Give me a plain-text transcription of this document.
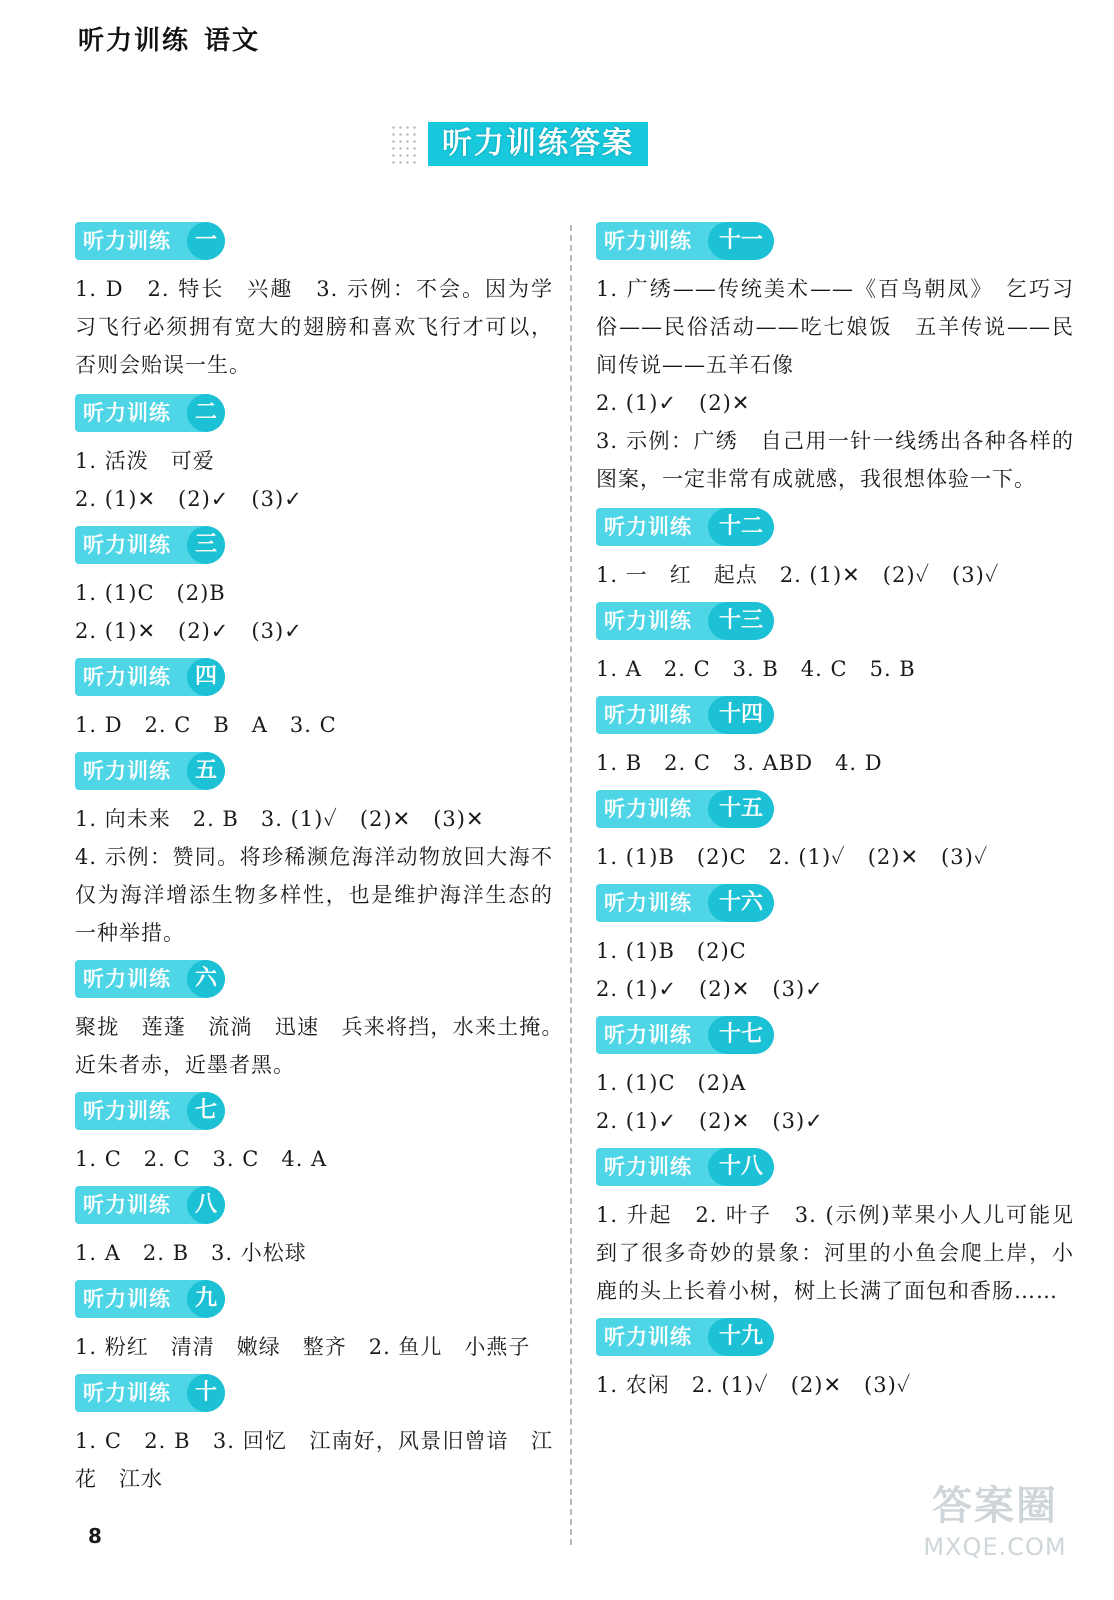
听力训练 语文
听力训练答案
听力训练	一

1. D　2. 特长　兴趣　3. 示例：不会。因为学习飞行必须拥有宽大的翅膀和喜欢飞行才可以，否则会贻误一生。

听力训练	二

1. 活泼　可爱

2. (1)✕　(2)✓　(3)✓

听力训练	三

1. (1)C　(2)B

2. (1)✕　(2)✓　(3)✓

听力训练	四

1. D　2. C　B　A　3. C

听力训练	五

1. 向未来　2. B　3. (1)✓　(2)✕　(3)✕

4. 示例：赞同。将珍稀濒危海洋动物放回大海不仅为海洋增添生物多样性，也是维护海洋生态的一种举措。

听力训练	六

聚拢　莲蓬　流淌　迅速　兵来将挡，水来土掩。　近朱者赤，近墨者黑。

听力训练	七

1. C　2. C　3. C　4. A

听力训练	八

1. A　2. B　3. 小松球

听力训练	九

1. 粉红　清清　嫩绿　整齐　2. 鱼儿　小燕子

听力训练	十

1. C　2. B　3. 回忆　江南好，风景旧曾谙　江花　江水

听力训练	十一

1. 广绣——传统美术——《百鸟朝凤》　乞巧习俗——民俗活动——吃七娘饭　五羊传说——民间传说——五羊石像

2. (1)✓　(2)✕

3. 示例：广绣　自己用一针一线绣出各种各样的图案，一定非常有成就感，我很想体验一下。

听力训练	十二

1. 一　红　起点　2. (1)✕　(2)✓　(3)✓

听力训练	十三

1. A　2. C　3. B　4. C　5. B

听力训练	十四

1. B　2. C　3. ABD　4. D

听力训练	十五

1. (1)B　(2)C　2. (1)✓　(2)✕　(3)✓

听力训练	十六

1. (1)B　(2)C

2. (1)✓　(2)✕　(3)✓

听力训练	十七

1. (1)C　(2)A

2. (1)✓　(2)✕　(3)✓

听力训练	十八

1. 升起　2. 叶子　3. (示例)苹果小人儿可能见到了很多奇妙的景象：河里的小鱼会爬上岸，小鹿的头上长着小树，树上长满了面包和香肠……

听力训练	十九

1. 农闲　2. (1)✓　(2)✕　(3)✓

8
答案圈
MXQE.COM
